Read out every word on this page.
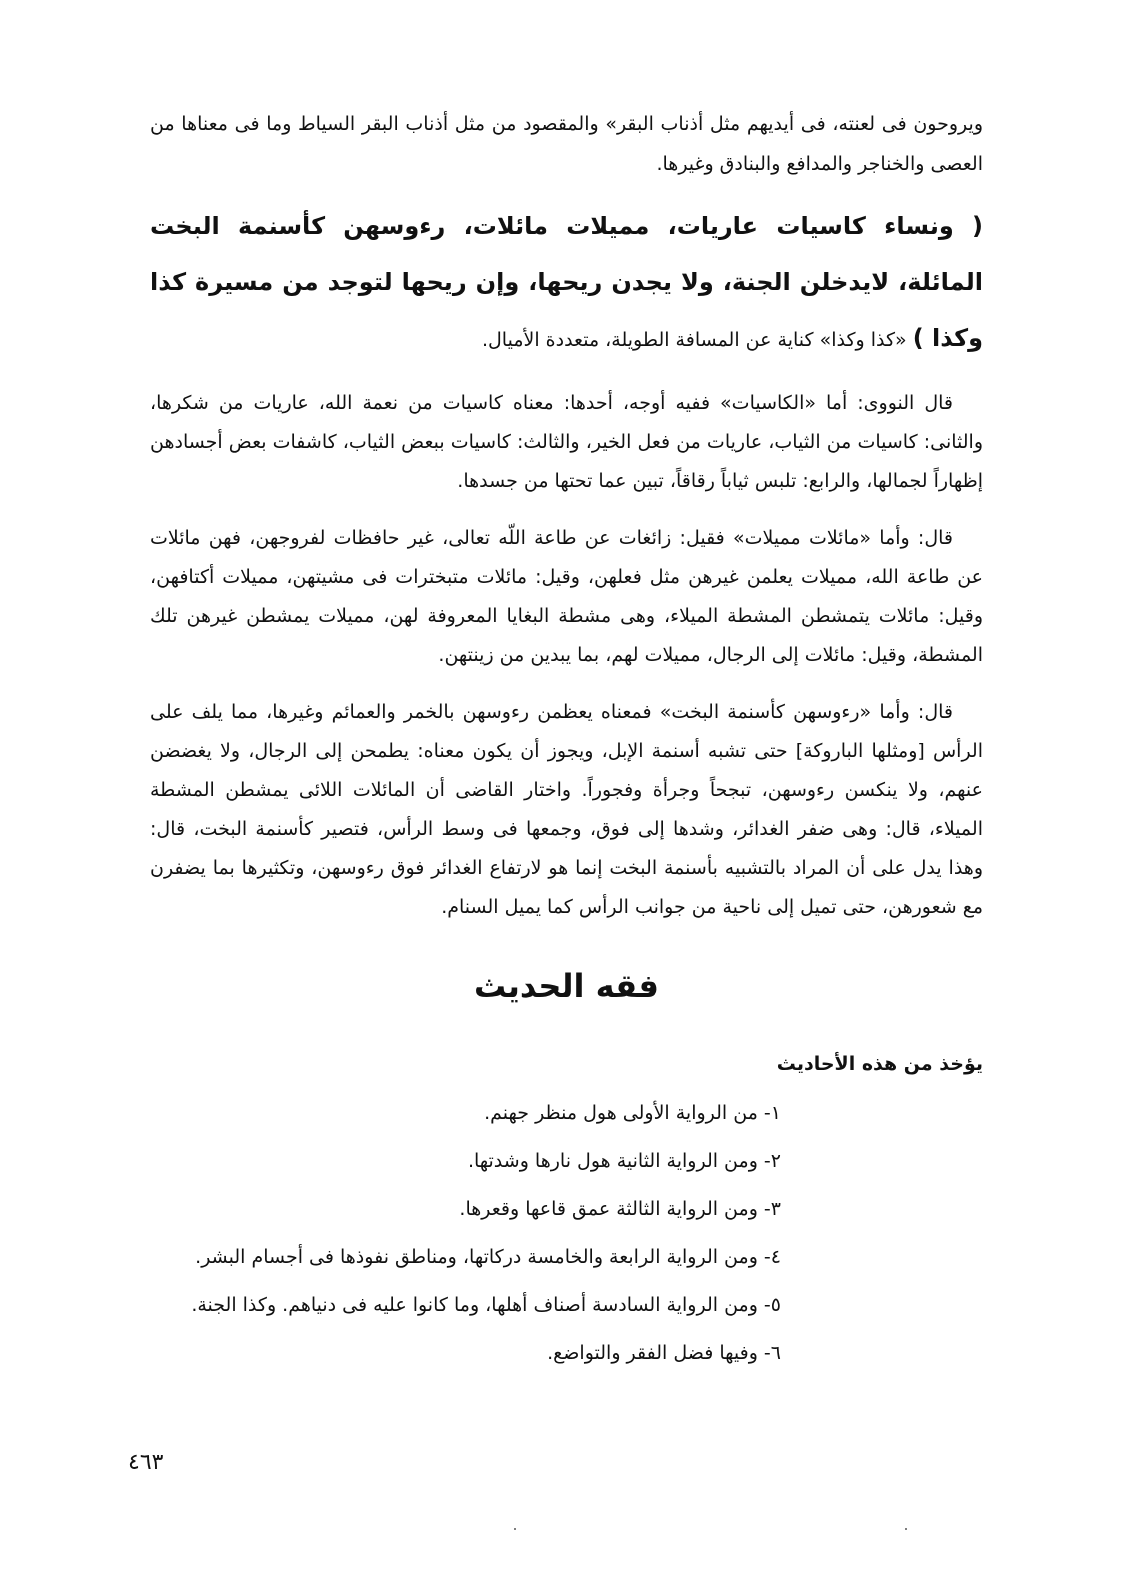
ويروحون فى لعنته، فى أيديهم مثل أذناب البقر» والمقصود من مثل أذناب البقر السياط وما فى معناها من العصى والخناجر والمدافع والبنادق وغيرها.

( ونساء كاسيات عاريات، مميلات مائلات، رءوسهن كأسنمة البخت المائلة، لايدخلن الجنة، ولا يجدن ريحها، وإن ريحها لتوجد من مسيرة كذا وكذا ) «كذا وكذا» كناية عن المسافة الطويلة، متعددة الأميال.

قال النووى: أما «الكاسيات» ففيه أوجه، أحدها: معناه كاسيات من نعمة الله، عاريات من شكرها، والثانى: كاسيات من الثياب، عاريات من فعل الخير، والثالث: كاسيات ببعض الثياب، كاشفات بعض أجسادهن إظهاراً لجمالها، والرابع: تلبس ثياباً رقاقاً، تبين عما تحتها من جسدها.

قال: وأما «مائلات مميلات» فقيل: زائغات عن طاعة اللّه تعالى، غير حافظات لفروجهن، فهن مائلات عن طاعة الله، مميلات يعلمن غيرهن مثل فعلهن، وقيل: مائلات متبخترات فى مشيتهن، مميلات أكتافهن، وقيل: مائلات يتمشطن المشطة الميلاء، وهى مشطة البغايا المعروفة لهن، مميلات يمشطن غيرهن تلك المشطة، وقيل: مائلات إلى الرجال، مميلات لهم، بما يبدين من زينتهن.

قال: وأما «رءوسهن كأسنمة البخت» فمعناه يعظمن رءوسهن بالخمر والعمائم وغيرها، مما يلف على الرأس [ومثلها الباروكة] حتى تشبه أسنمة الإبل، ويجوز أن يكون معناه: يطمحن إلى الرجال، ولا يغضضن عنهم، ولا ينكسن رءوسهن، تبجحاً وجرأة وفجوراً. واختار القاضى أن المائلات اللائى يمشطن المشطة الميلاء، قال: وهى ضفر الغدائر، وشدها إلى فوق، وجمعها فى وسط الرأس، فتصير كأسنمة البخت، قال: وهذا يدل على أن المراد بالتشبيه بأسنمة البخت إنما هو لارتفاع الغدائر فوق رءوسهن، وتكثيرها بما يضفرن مع شعورهن، حتى تميل إلى ناحية من جوانب الرأس كما يميل السنام.

فقه الحديث
يؤخذ من هذه الأحاديث
١- من الرواية الأولى هول منظر جهنم.
٢- ومن الرواية الثانية هول نارها وشدتها.
٣- ومن الرواية الثالثة عمق قاعها وقعرها.
٤- ومن الرواية الرابعة والخامسة دركاتها، ومناطق نفوذها فى أجسام البشر.
٥- ومن الرواية السادسة أصناف أهلها، وما كانوا عليه فى دنياهم. وكذا الجنة.
٦- وفيها فضل الفقر والتواضع.
٤٦٣
